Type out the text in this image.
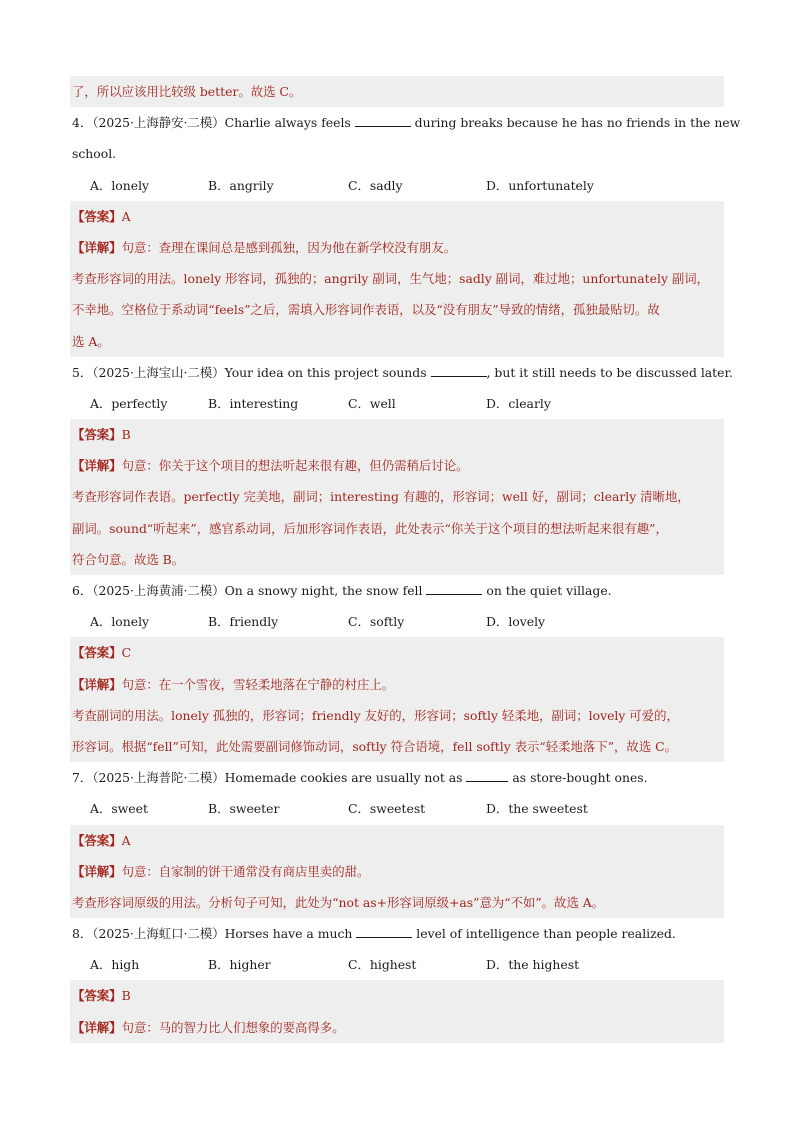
了，所以应该用比较级 better。故选 C。
4．（2025·上海静安·二模）Charlie always feels	during breaks because he has no friends in the new
school.
A．lonely	B．angrily	C．sadly	D．unfortunately
【答案】A
【详解】句意：查理在课间总是感到孤独，因为他在新学校没有朋友。
考查形容词的用法。lonely 形容词，孤独的；angrily 副词，生气地；sadly 副词，难过地；unfortunately 副词，
不幸地。空格位于系动词“feels”之后，需填入形容词作表语，以及“没有朋友”导致的情绪，孤独最贴切。故
选 A。
5．（2025·上海宝山·二模）Your idea on this project sounds	, but it still needs to be discussed later.
A．perfectly	B．interesting	C．well	D．clearly
【答案】B
【详解】句意：你关于这个项目的想法听起来很有趣，但仍需稍后讨论。
考查形容词作表语。perfectly 完美地，副词；interesting 有趣的，形容词；well 好，副词；clearly 清晰地，
副词。sound“听起来”，感官系动词，后加形容词作表语，此处表示“你关于这个项目的想法听起来很有趣”，
符合句意。故选 B。
6．（2025·上海黄浦·二模）On a snowy night, the snow fell	on the quiet village.
A．lonely	B．friendly	C．softly	D．lovely
【答案】C
【详解】句意：在一个雪夜，雪轻柔地落在宁静的村庄上。
考查副词的用法。lonely 孤独的，形容词；friendly 友好的，形容词；softly 轻柔地，副词；lovely 可爱的，
形容词。根据“fell”可知，此处需要副词修饰动词，softly 符合语境，fell softly 表示“轻柔地落下”，故选 C。
7．（2025·上海普陀·二模）Homemade cookies are usually not as	as store-bought ones.
A．sweet	B．sweeter	C．sweetest	D．the sweetest
【答案】A
【详解】句意：自家制的饼干通常没有商店里卖的甜。
考查形容词原级的用法。分析句子可知，此处为“not as+形容词原级+as”意为“不如”。故选 A。
8．（2025·上海虹口·二模）Horses have a much	level of intelligence than people realized.
A．high	B．higher	C．highest	D．the highest
【答案】B
【详解】句意：马的智力比人们想象的要高得多。
